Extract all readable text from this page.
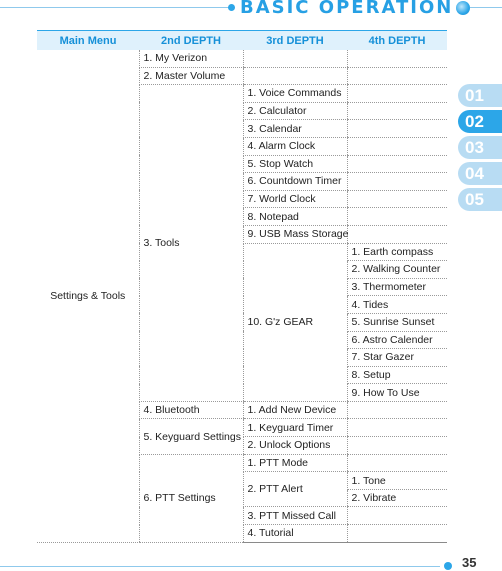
BASIC OPERATION
Main Menu	2nd DEPTH	3rd DEPTH	4th DEPTH
Settings & Tools	1. My Verizon		
	2. Master Volume		
	3. Tools	1. Voice Commands	
		2. Calculator	
		3. Calendar	
		4. Alarm Clock	
		5. Stop Watch	
		6. Countdown Timer	
		7. World Clock	
		8. Notepad	
		9. USB Mass Storage	
		10. G'z GEAR	1. Earth compass
			2. Walking Counter
			3. Thermometer
			4. Tides
			5. Sunrise Sunset
			6. Astro Calender
			7. Star Gazer
			8. Setup
			9. How To Use
	4. Bluetooth	1. Add New Device	
	5. Keyguard Settings	1. Keyguard Timer	
		2. Unlock Options	
	6. PTT Settings	1. PTT Mode	
		2. PTT Alert	1. Tone
			2. Vibrate
		3. PTT Missed Call	
		4. Tutorial	
01
02
03
04
05
35
